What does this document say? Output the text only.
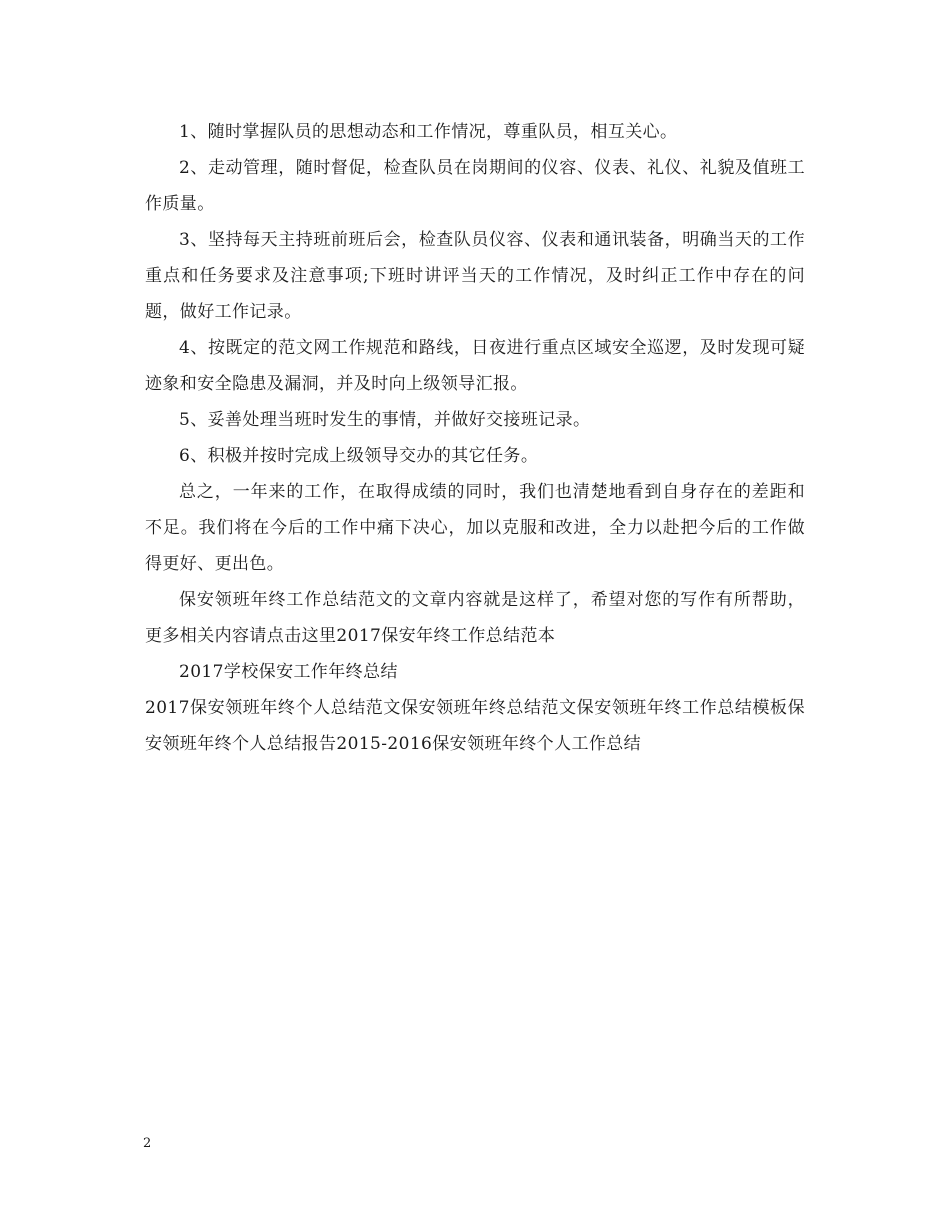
1、随时掌握队员的思想动态和工作情况，尊重队员，相互关心。

2、走动管理，随时督促，检查队员在岗期间的仪容、仪表、礼仪、礼貌及值班工作质量。

3、坚持每天主持班前班后会，检查队员仪容、仪表和通讯装备，明确当天的工作重点和任务要求及注意事项;下班时讲评当天的工作情况，及时纠正工作中存在的问题，做好工作记录。

4、按既定的范文网工作规范和路线，日夜进行重点区域安全巡逻，及时发现可疑迹象和安全隐患及漏洞，并及时向上级领导汇报。

5、妥善处理当班时发生的事情，并做好交接班记录。

6、积极并按时完成上级领导交办的其它任务。

总之，一年来的工作，在取得成绩的同时，我们也清楚地看到自身存在的差距和不足。我们将在今后的工作中痛下决心，加以克服和改进，全力以赴把今后的工作做得更好、更出色。

保安领班年终工作总结范文的文章内容就是这样了，希望对您的写作有所帮助，更多相关内容请点击这里2017保安年终工作总结范本

2017学校保安工作年终总结

2017保安领班年终个人总结范文保安领班年终总结范文保安领班年终工作总结模板保安领班年终个人总结报告2015-2016保安领班年终个人工作总结

2
